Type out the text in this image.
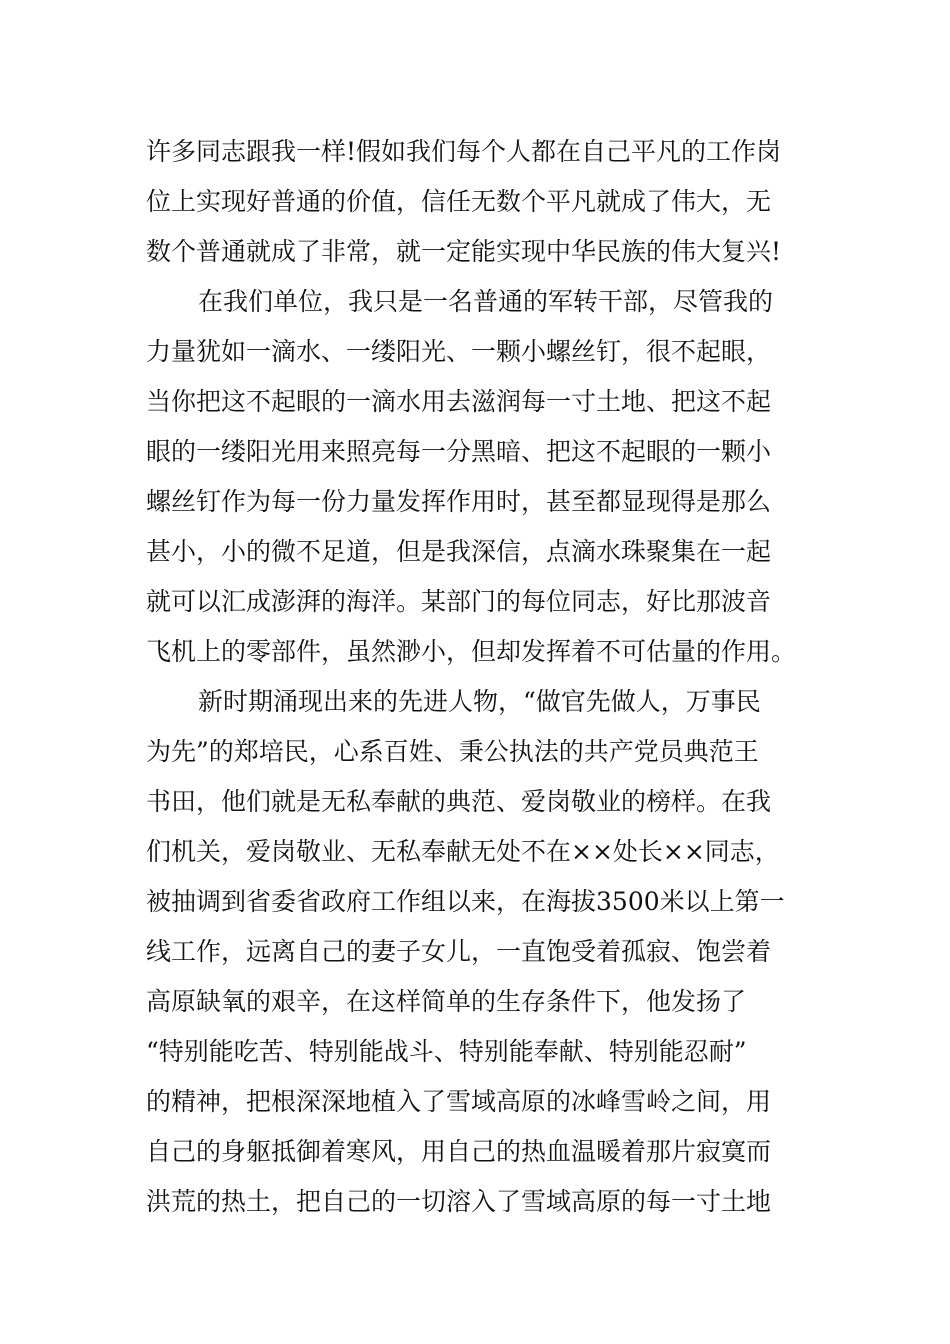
许多同志跟我一样!假如我们每个人都在自己平凡的工作岗
位上实现好普通的价值，信任无数个平凡就成了伟大，无
数个普通就成了非常，就一定能实现中华民族的伟大复兴!
在我们单位，我只是一名普通的军转干部，尽管我的
力量犹如一滴水、一缕阳光、一颗小螺丝钉，很不起眼，
当你把这不起眼的一滴水用去滋润每一寸土地、把这不起
眼的一缕阳光用来照亮每一分黑暗、把这不起眼的一颗小
螺丝钉作为每一份力量发挥作用时，甚至都显现得是那么
甚小，小的微不足道，但是我深信，点滴水珠聚集在一起
就可以汇成澎湃的海洋。某部门的每位同志，好比那波音
飞机上的零部件，虽然渺小，但却发挥着不可估量的作用。
新时期涌现出来的先进人物，“做官先做人，万事民
为先”的郑培民，心系百姓、秉公执法的共产党员典范王
书田，他们就是无私奉献的典范、爱岗敬业的榜样。在我
们机关，爱岗敬业、无私奉献无处不在××处长××同志，
被抽调到省委省政府工作组以来，在海拔3500米以上第一
线工作，远离自己的妻子女儿，一直饱受着孤寂、饱尝着
高原缺氧的艰辛，在这样简单的生存条件下，他发扬了
“特别能吃苦、特别能战斗、特别能奉献、特别能忍耐”
的精神，把根深深地植入了雪域高原的冰峰雪岭之间，用
自己的身躯抵御着寒风，用自己的热血温暖着那片寂寞而
洪荒的热土，把自己的一切溶入了雪域高原的每一寸土地
